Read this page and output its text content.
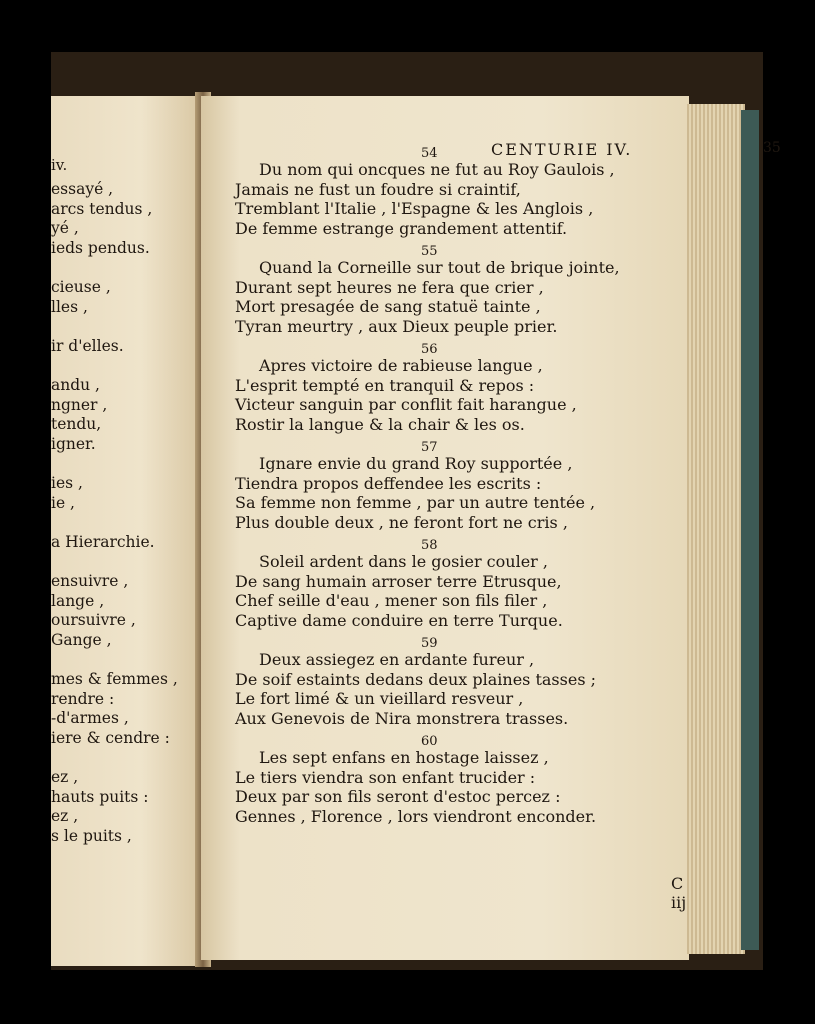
iv.
essayé ,
arcs tendus ,
yé ,
ieds pendus.
cieuse ,
lles ,
ir d'elles.
andu ,
ngner ,
tendu,
igner.
ies ,
ie ,
a Hierarchie.
ensuivre ,
lange ,
oursuivre ,
Gange ,
mes & femmes ,
rendre :
-d'armes ,
iere & cendre :
ez ,
hauts puits :
ez ,
s le puits ,
CENTURIE IV.	35
54
Du nom qui oncques ne fut au Roy Gaulois ,
Jamais ne fust un foudre si craintif,
Tremblant l'Italie , l'Espagne & les Anglois ,
De femme estrange grandement attentif.
55
Quand la Corneille sur tout de brique jointe,
Durant sept heures ne fera que crier ,
Mort presagée de sang statuë tainte ,
Tyran meurtry , aux Dieux peuple prier.
56
Apres victoire de rabieuse langue ,
L'esprit tempté en tranquil & repos :
Victeur sanguin par conflit fait harangue ,
Rostir la langue & la chair & les os.
57
Ignare envie du grand Roy supportée ,
Tiendra propos deffendee les escrits :
Sa femme non femme , par un autre tentée ,
Plus double deux , ne feront fort ne cris ,
58
Soleil ardent dans le gosier couler ,
De sang humain arroser terre Etrusque,
Chef seille d'eau , mener son fils filer ,
Captive dame conduire en terre Turque.
59
Deux assiegez en ardante fureur ,
De soif estaints dedans deux plaines tasses ;
Le fort limé & un vieillard resveur ,
Aux Genevois de Nira monstrera trasses.
60
Les sept enfans en hostage laissez ,
Le tiers viendra son enfant trucider :
Deux par son fils seront d'estoc percez :
Gennes , Florence , lors viendront enconder.
C iij
